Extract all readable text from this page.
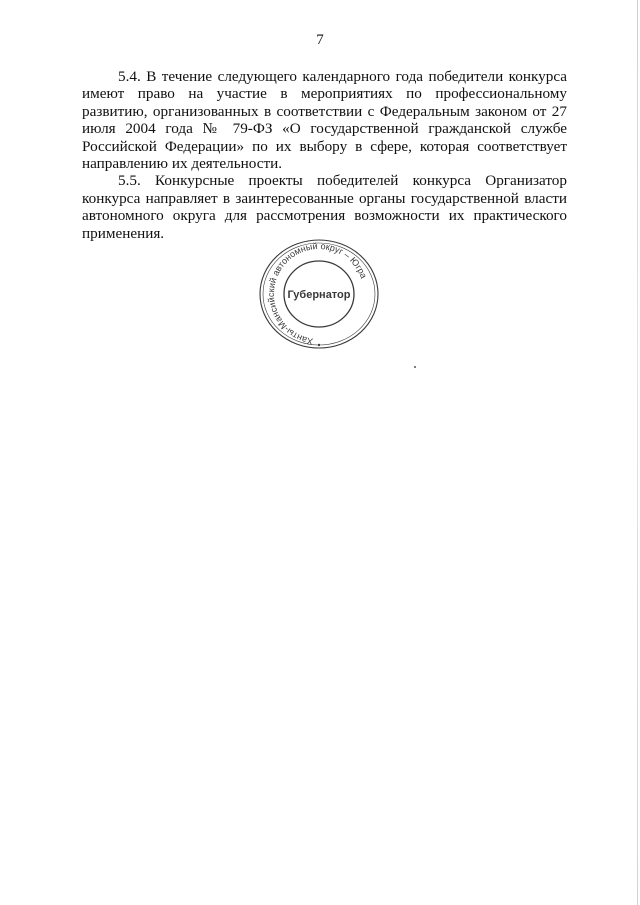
7

5.4. В течение следующего календарного года победители конкурса имеют право на участие в мероприятиях по профессиональному развитию, организованных в соответствии с Федеральным законом от 27 июля 2004 года № 79-ФЗ «О государственной гражданской службе Российской Федерации» по их выбору в сфере, которая соответствует направлению их деятельности.

5.5. Конкурсные проекты победителей конкурса Организатор конкурса направляет в заинтересованные органы государственной власти автономного округа для рассмотрения возможности их практического применения.

Ханты-Мансийский автономный округ – Югра
Губернатор
